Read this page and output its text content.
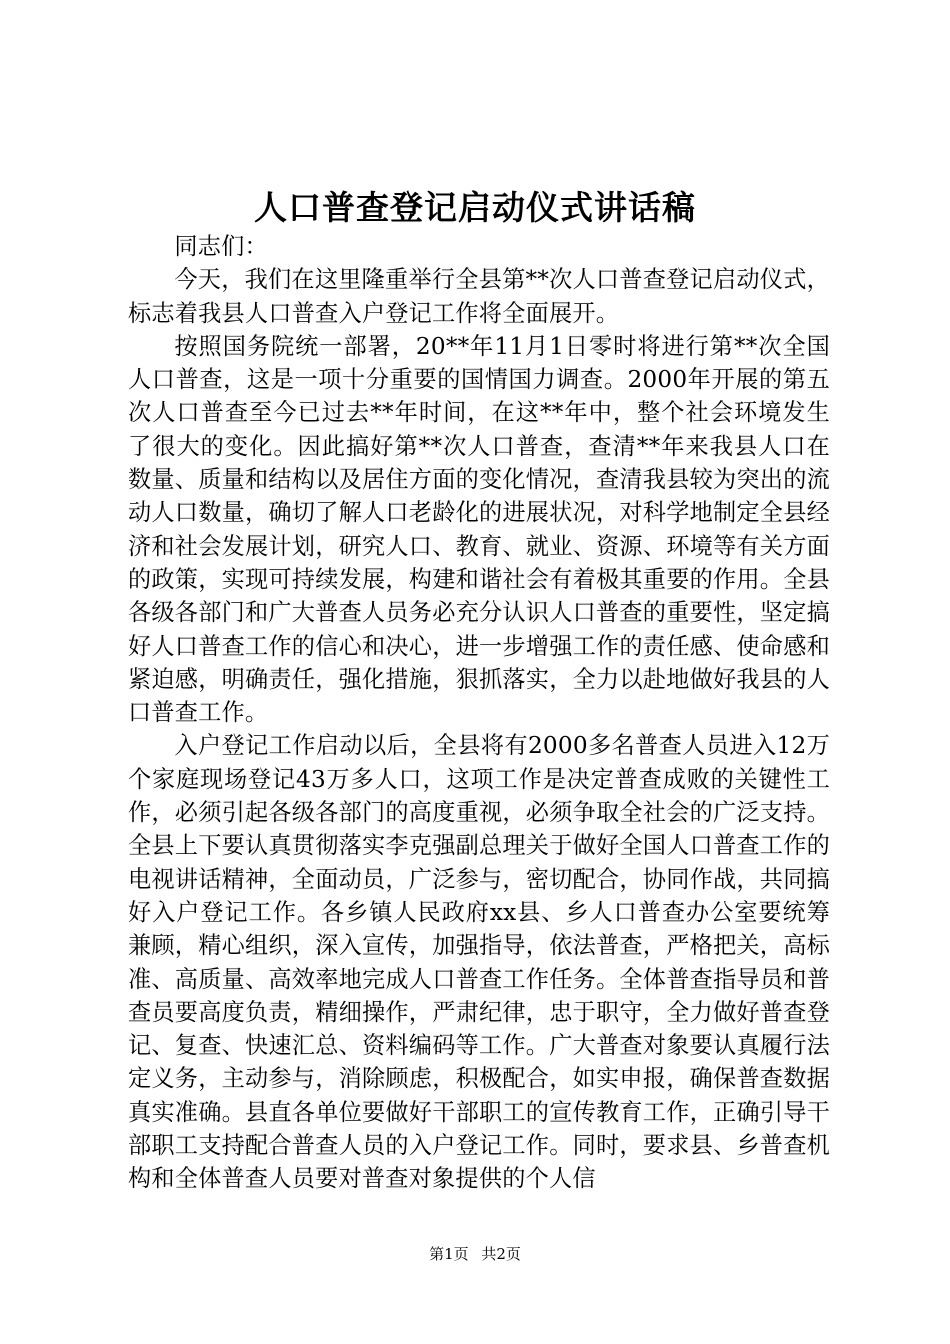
人口普查登记启动仪式讲话稿

同志们：

今天，我们在这里隆重举行全县第**次人口普查登记启动仪式，标志着我县人口普查入户登记工作将全面展开。

按照国务院统一部署，20**年11月1日零时将进行第**次全国人口普查，这是一项十分重要的国情国力调查。2000年开展的第五次人口普查至今已过去**年时间，在这**年中，整个社会环境发生了很大的变化。因此搞好第**次人口普查，查清**年来我县人口在数量、质量和结构以及居住方面的变化情况，查清我县较为突出的流动人口数量，确切了解人口老龄化的进展状况，对科学地制定全县经济和社会发展计划，研究人口、教育、就业、资源、环境等有关方面的政策，实现可持续发展，构建和谐社会有着极其重要的作用。全县各级各部门和广大普查人员务必充分认识人口普查的重要性，坚定搞好人口普查工作的信心和决心，进一步增强工作的责任感、使命感和紧迫感，明确责任，强化措施，狠抓落实，全力以赴地做好我县的人口普查工作。

入户登记工作启动以后，全县将有2000多名普查人员进入12万个家庭现场登记43万多人口，这项工作是决定普查成败的关键性工作，必须引起各级各部门的高度重视，必须争取全社会的广泛支持。全县上下要认真贯彻落实李克强副总理关于做好全国人口普查工作的电视讲话精神，全面动员，广泛参与，密切配合，协同作战，共同搞好入户登记工作。各乡镇人民政府xx县、乡人口普查办公室要统筹兼顾，精心组织，深入宣传，加强指导，依法普查，严格把关，高标准、高质量、高效率地完成人口普查工作任务。全体普查指导员和普查员要高度负责，精细操作，严肃纪律，忠于职守，全力做好普查登记、复查、快速汇总、资料编码等工作。广大普查对象要认真履行法定义务，主动参与，消除顾虑，积极配合，如实申报，确保普查数据真实准确。县直各单位要做好干部职工的宣传教育工作，正确引导干部职工支持配合普查人员的入户登记工作。同时，要求县、乡普查机构和全体普查人员要对普查对象提供的个人信

第1页 共2页
